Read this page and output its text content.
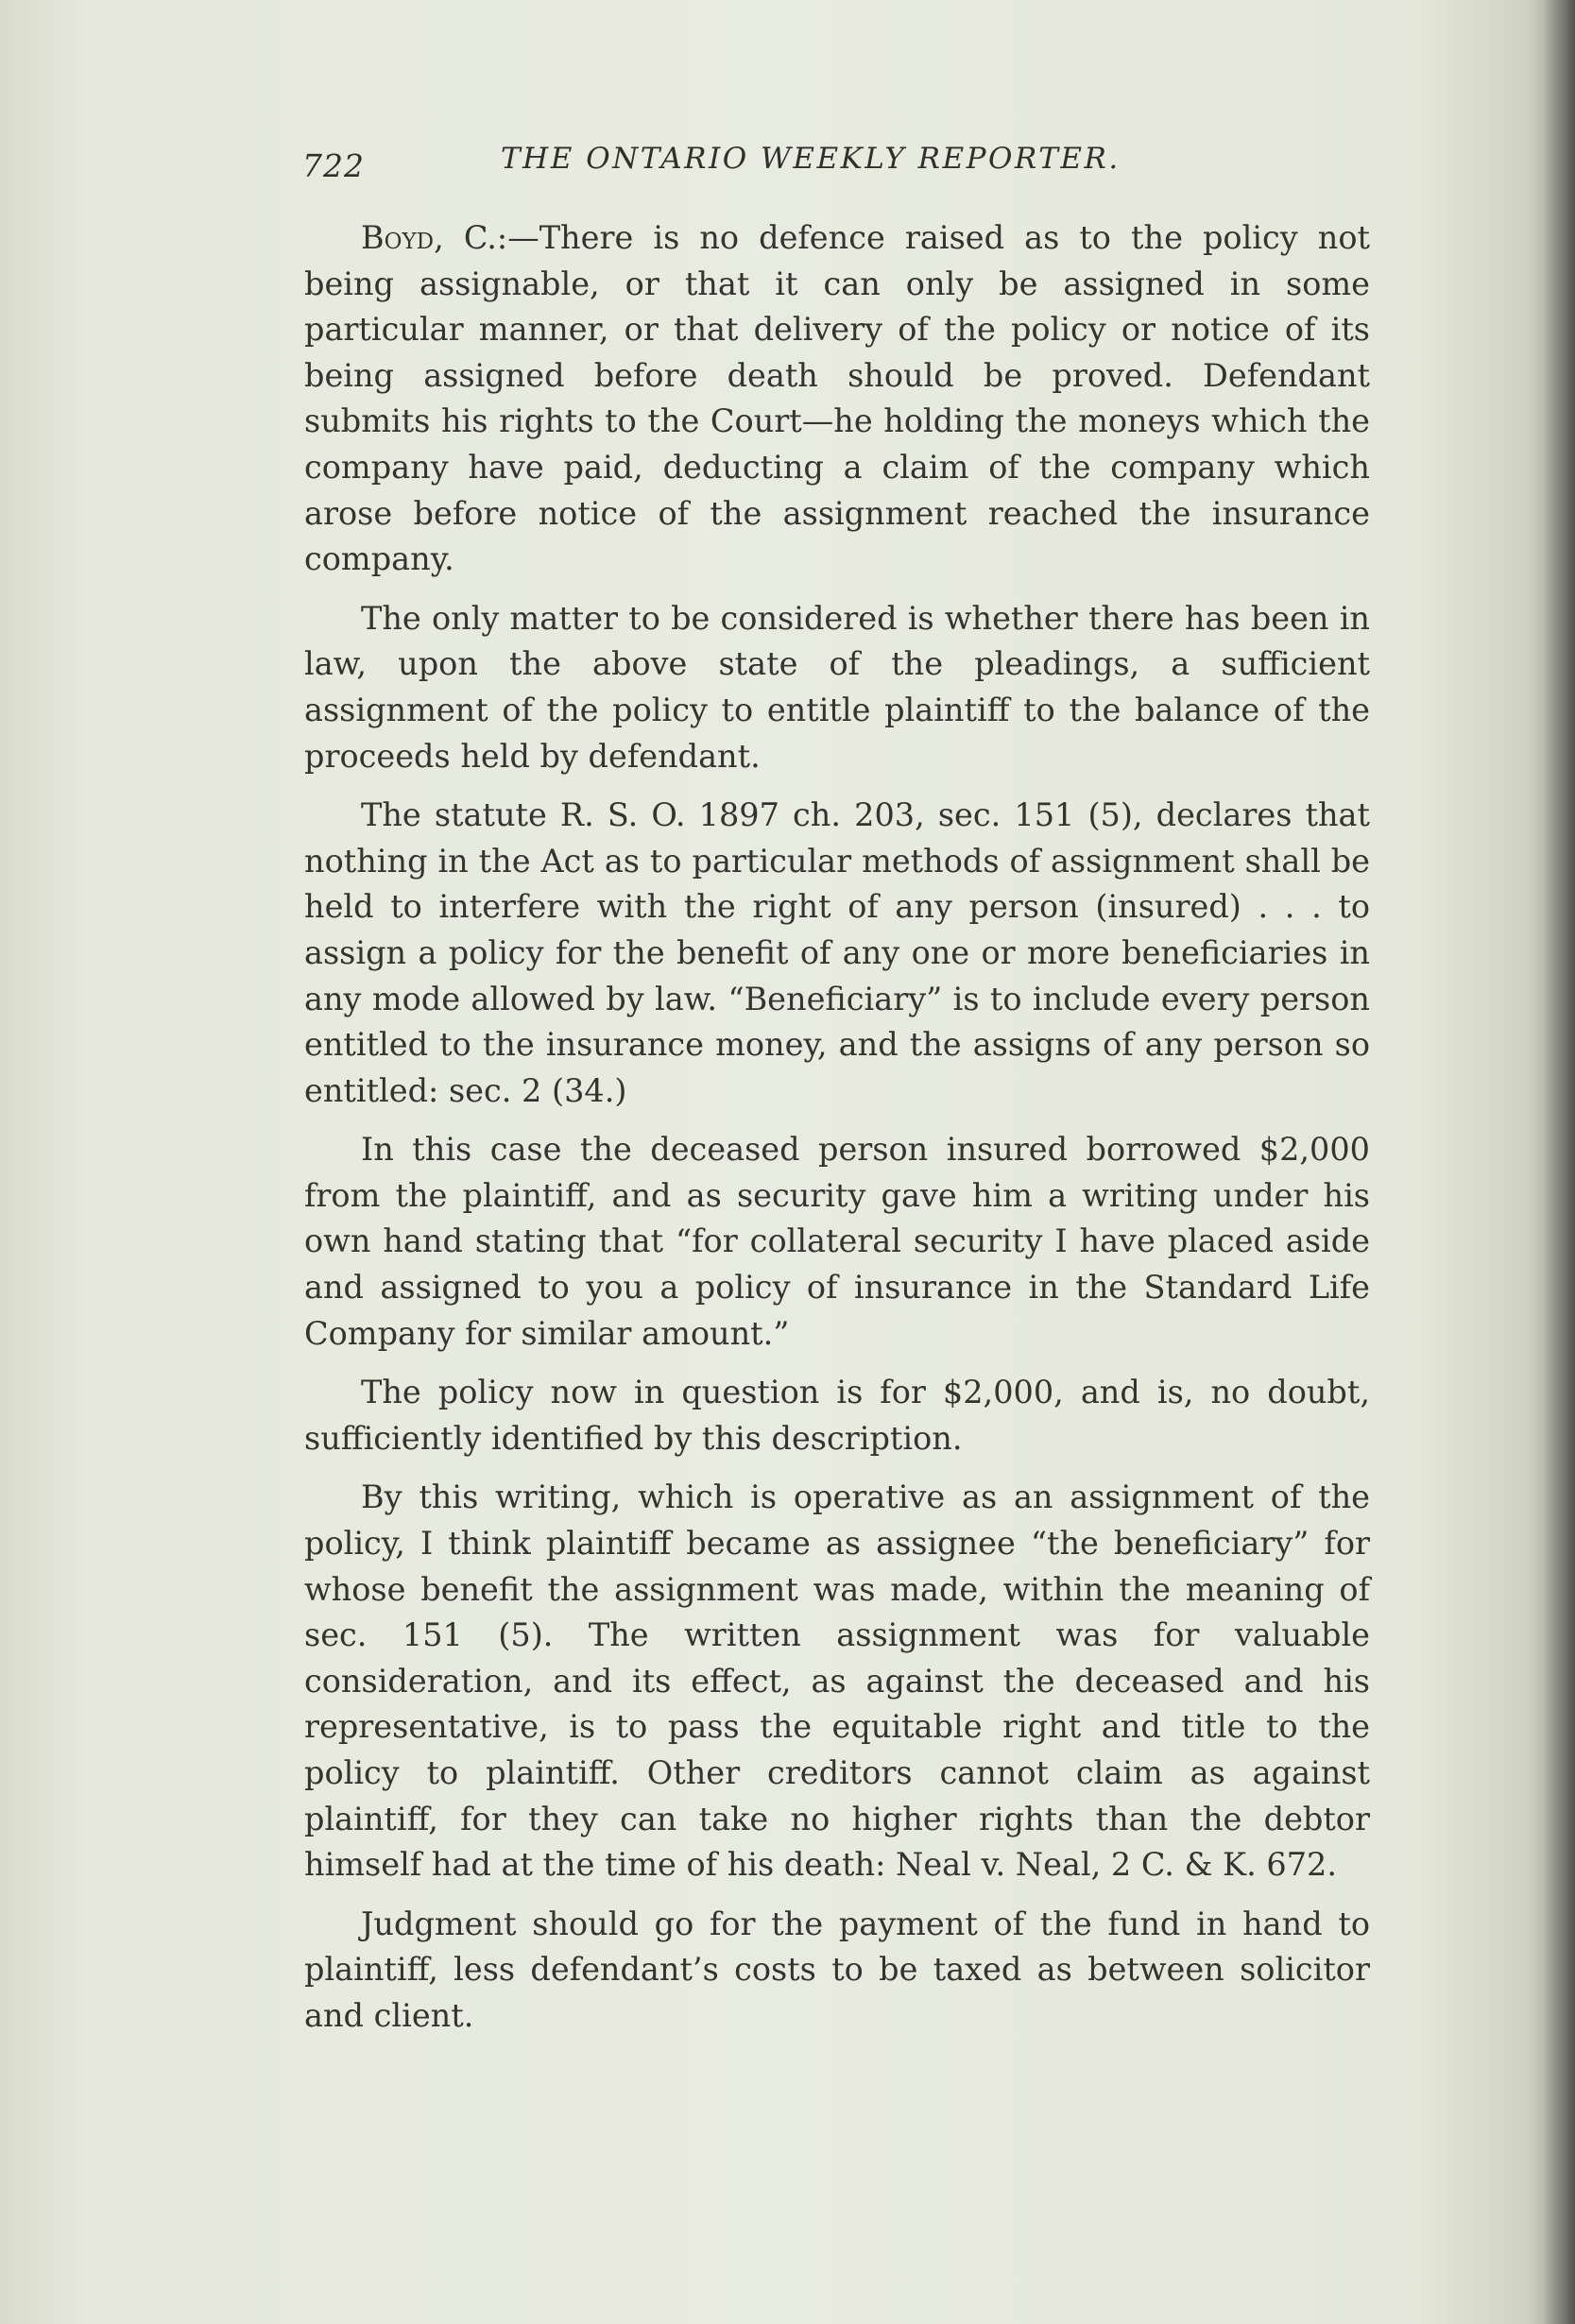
722	THE ONTARIO WEEKLY REPORTER.

Boyd, C.:—There is no defence raised as to the policy not being assignable, or that it can only be assigned in some particular manner, or that delivery of the policy or notice of its being assigned before death should be proved. Defendant submits his rights to the Court—he holding the moneys which the company have paid, deducting a claim of the company which arose before notice of the assignment reached the insurance company.

The only matter to be considered is whether there has been in law, upon the above state of the pleadings, a sufficient assignment of the policy to entitle plaintiff to the balance of the proceeds held by defendant.

The statute R. S. O. 1897 ch. 203, sec. 151 (5), declares that nothing in the Act as to particular methods of assignment shall be held to interfere with the right of any person (insured) . . . to assign a policy for the benefit of any one or more beneficiaries in any mode allowed by law. “Beneficiary” is to include every person entitled to the insurance money, and the assigns of any person so entitled: sec. 2 (34.)

In this case the deceased person insured borrowed $2,000 from the plaintiff, and as security gave him a writing under his own hand stating that “for collateral security I have placed aside and assigned to you a policy of insurance in the Standard Life Company for similar amount.”

The policy now in question is for $2,000, and is, no doubt, sufficiently identified by this description.

By this writing, which is operative as an assignment of the policy, I think plaintiff became as assignee “the beneficiary” for whose benefit the assignment was made, within the meaning of sec. 151 (5). The written assignment was for valuable consideration, and its effect, as against the deceased and his representative, is to pass the equitable right and title to the policy to plaintiff. Other creditors cannot claim as against plaintiff, for they can take no higher rights than the debtor himself had at the time of his death: Neal v. Neal, 2 C. & K. 672.

Judgment should go for the payment of the fund in hand to plaintiff, less defendant’s costs to be taxed as between solicitor and client.
